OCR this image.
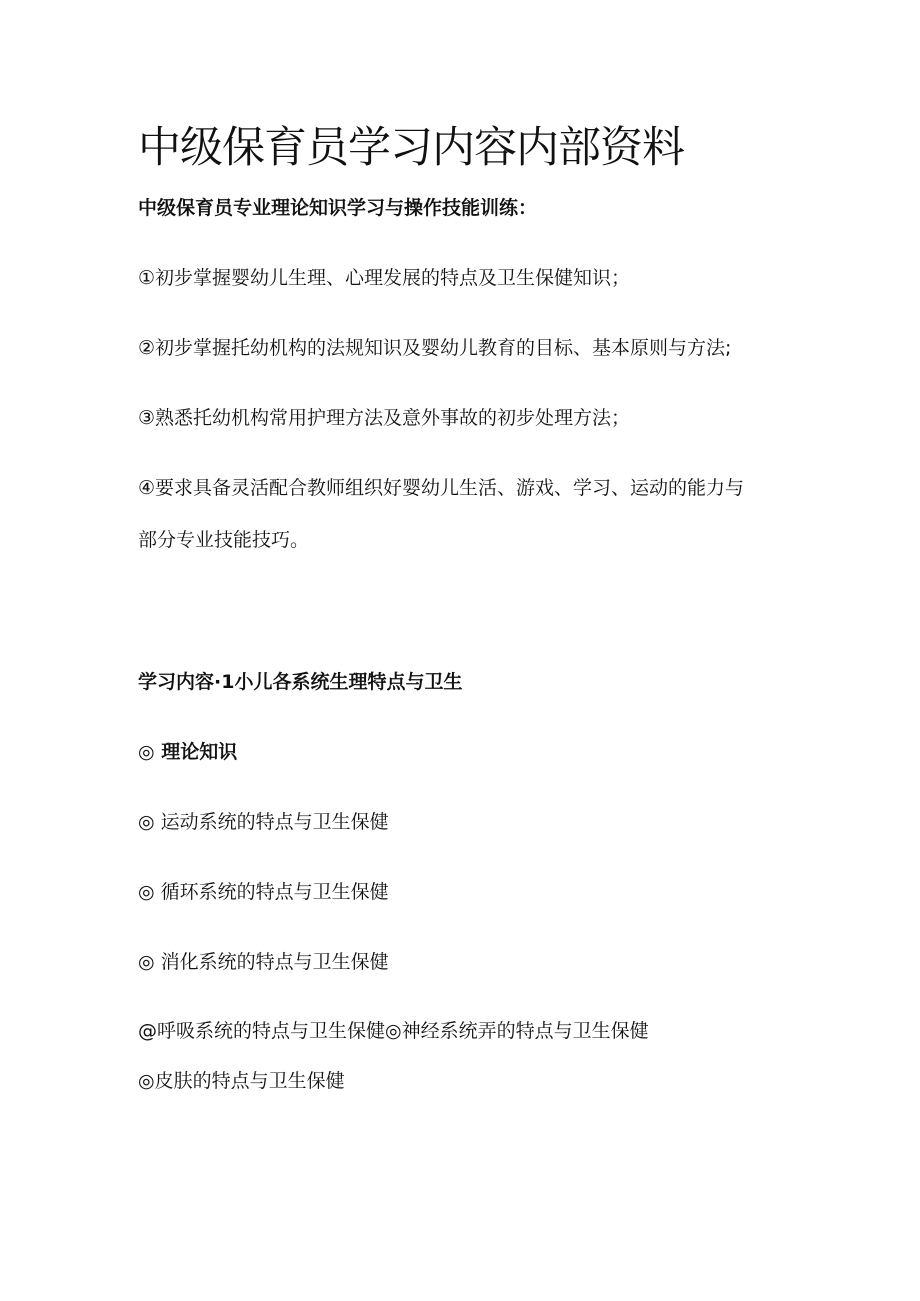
中级保育员学习内容内部资料
中级保育员专业理论知识学习与操作技能训练：
①初步掌握婴幼儿生理、心理发展的特点及卫生保健知识；
②初步掌握托幼机构的法规知识及婴幼儿教育的目标、基本原则与方法;
③熟悉托幼机构常用护理方法及意外事故的初步处理方法；
④要求具备灵活配合教师组织好婴幼儿生活、游戏、学习、运动的能力与
部分专业技能技巧。
学习内容·1小儿各系统生理特点与卫生
◎ 理论知识
◎ 运动系统的特点与卫生保健
◎ 循环系统的特点与卫生保健
◎ 消化系统的特点与卫生保健
@呼吸系统的特点与卫生保健◎神经系统弄的特点与卫生保健
◎皮肤的特点与卫生保健
